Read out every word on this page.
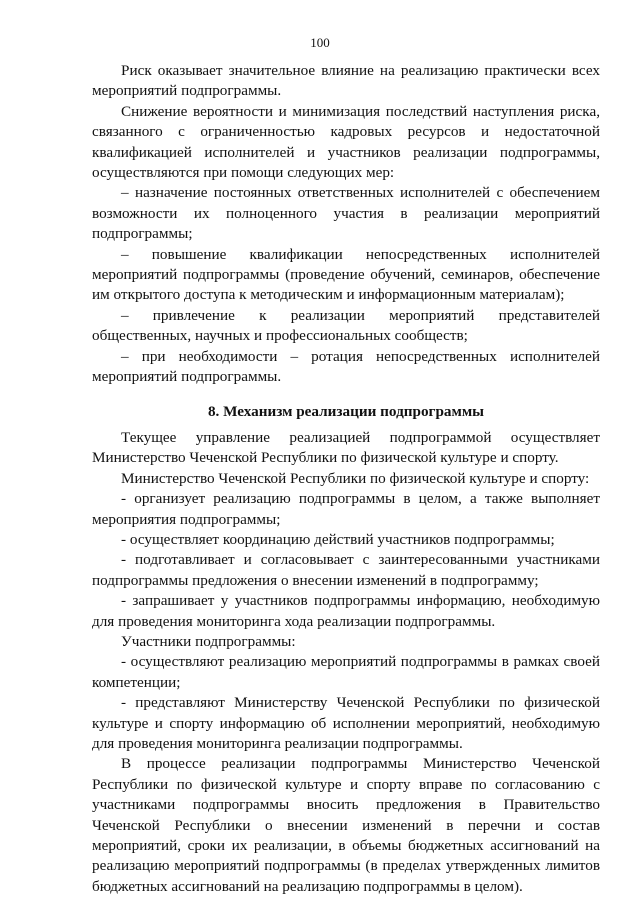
100

Риск оказывает значительное влияние на реализацию практически всех мероприятий подпрограммы.

Снижение вероятности и минимизация последствий наступления риска, связанного с ограниченностью кадровых ресурсов и недостаточной квалификацией исполнителей и участников реализации подпрограммы, осуществляются при помощи следующих мер:

– назначение постоянных ответственных исполнителей с обеспечением возможности их полноценного участия в реализации мероприятий подпрограммы;

– повышение квалификации непосредственных исполнителей мероприятий подпрограммы (проведение обучений, семинаров, обеспечение им открытого доступа к методическим и информационным материалам);

– привлечение к реализации мероприятий представителей общественных, научных и профессиональных сообществ;

– при необходимости – ротация непосредственных исполнителей мероприятий подпрограммы.

8. Механизм реализации подпрограммы

Текущее управление реализацией подпрограммой осуществляет Министерство Чеченской Республики по физической культуре и спорту.

Министерство Чеченской Республики по физической культуре и спорту:

- организует реализацию подпрограммы в целом, а также выполняет мероприятия подпрограммы;

- осуществляет координацию действий участников подпрограммы;

- подготавливает и согласовывает с заинтересованными участниками подпрограммы предложения о внесении изменений в подпрограмму;

- запрашивает у участников подпрограммы информацию, необходимую для проведения мониторинга хода реализации подпрограммы.

Участники подпрограммы:

- осуществляют реализацию мероприятий подпрограммы в рамках своей компетенции;

- представляют Министерству Чеченской Республики по физической культуре и спорту информацию об исполнении мероприятий, необходимую для проведения мониторинга реализации подпрограммы.

В процессе реализации подпрограммы Министерство Чеченской Республики по физической культуре и спорту вправе по согласованию с участниками подпрограммы вносить предложения в Правительство Чеченской Республики о внесении изменений в перечни и состав мероприятий, сроки их реализации, в объемы бюджетных ассигнований на реализацию мероприятий подпрограммы (в пределах утвержденных лимитов бюджетных ассигнований на реализацию подпрограммы в целом).
